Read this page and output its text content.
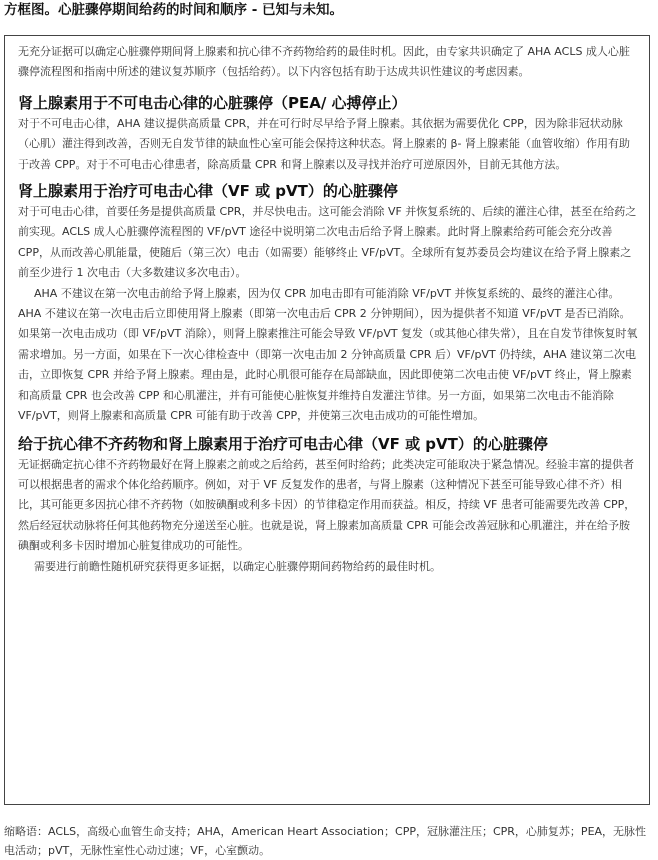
方框图。心脏骤停期间给药的时间和顺序 - 已知与未知。

无充分证据可以确定心脏骤停期间肾上腺素和抗心律不齐药物给药的最佳时机。因此，由专家共识确定了 AHA ACLS 成人心脏骤停流程图和指南中所述的建议复苏顺序（包括给药）。以下内容包括有助于达成共识性建议的考虑因素。

肾上腺素用于不可电击心律的心脏骤停（PEA/ 心搏停止）

对于不可电击心律，AHA 建议提供高质量 CPR，并在可行时尽早给予肾上腺素。其依据为需要优化 CPP，因为除非冠状动脉（心肌）灌注得到改善，否则无自发节律的缺血性心室可能会保持这种状态。肾上腺素的 β- 肾上腺素能（血管收缩）作用有助于改善 CPP。对于不可电击心律患者，除高质量 CPR 和肾上腺素以及寻找并治疗可逆原因外，目前无其他方法。

肾上腺素用于治疗可电击心律（VF 或 pVT）的心脏骤停

对于可电击心律，首要任务是提供高质量 CPR，并尽快电击。这可能会消除 VF 并恢复系统的、后续的灌注心律，甚至在给药之前实现。ACLS 成人心脏骤停流程图的 VF/pVT 途径中说明第二次电击后给予肾上腺素。此时肾上腺素给药可能会充分改善 CPP，从而改善心肌能量，使随后（第三次）电击（如需要）能够终止 VF/pVT。全球所有复苏委员会均建议在给予肾上腺素之前至少进行 1 次电击（大多数建议多次电击）。

AHA 不建议在第一次电击前给予肾上腺素，因为仅 CPR 加电击即有可能消除 VF/pVT 并恢复系统的、最终的灌注心律。AHA 不建议在第一次电击后立即使用肾上腺素（即第一次电击后 CPR 2 分钟期间），因为提供者不知道 VF/pVT 是否已消除。如果第一次电击成功（即 VF/pVT 消除），则肾上腺素推注可能会导致 VF/pVT 复发（或其他心律失常），且在自发节律恢复时氧需求增加。另一方面，如果在下一次心律检查中（即第一次电击加 2 分钟高质量 CPR 后）VF/pVT 仍持续，AHA 建议第二次电击，立即恢复 CPR 并给予肾上腺素。理由是，此时心肌很可能存在局部缺血，因此即使第二次电击使 VF/pVT 终止，肾上腺素和高质量 CPR 也会改善 CPP 和心肌灌注，并有可能使心脏恢复并维持自发灌注节律。另一方面，如果第二次电击不能消除 VF/pVT，则肾上腺素和高质量 CPR 可能有助于改善 CPP，并使第三次电击成功的可能性增加。

给于抗心律不齐药物和肾上腺素用于治疗可电击心律（VF 或 pVT）的心脏骤停

无证据确定抗心律不齐药物最好在肾上腺素之前或之后给药，甚至何时给药；此类决定可能取决于紧急情况。经验丰富的提供者可以根据患者的需求个体化给药顺序。例如，对于 VF 反复发作的患者，与肾上腺素（这种情况下甚至可能导致心律不齐）相比，其可能更多因抗心律不齐药物（如胺碘酮或利多卡因）的节律稳定作用而获益。相反，持续 VF 患者可能需要先改善 CPP，然后经冠状动脉将任何其他药物充分递送至心脏。也就是说，肾上腺素加高质量 CPR 可能会改善冠脉和心肌灌注，并在给予胺碘酮或利多卡因时增加心脏复律成功的可能性。

需要进行前瞻性随机研究获得更多证据，以确定心脏骤停期间药物给药的最佳时机。

缩略语：ACLS，高级心血管生命支持；AHA，American Heart Association；CPP，冠脉灌注压；CPR，心肺复苏；PEA，无脉性电活动；pVT，无脉性室性心动过速；VF，心室颤动。
